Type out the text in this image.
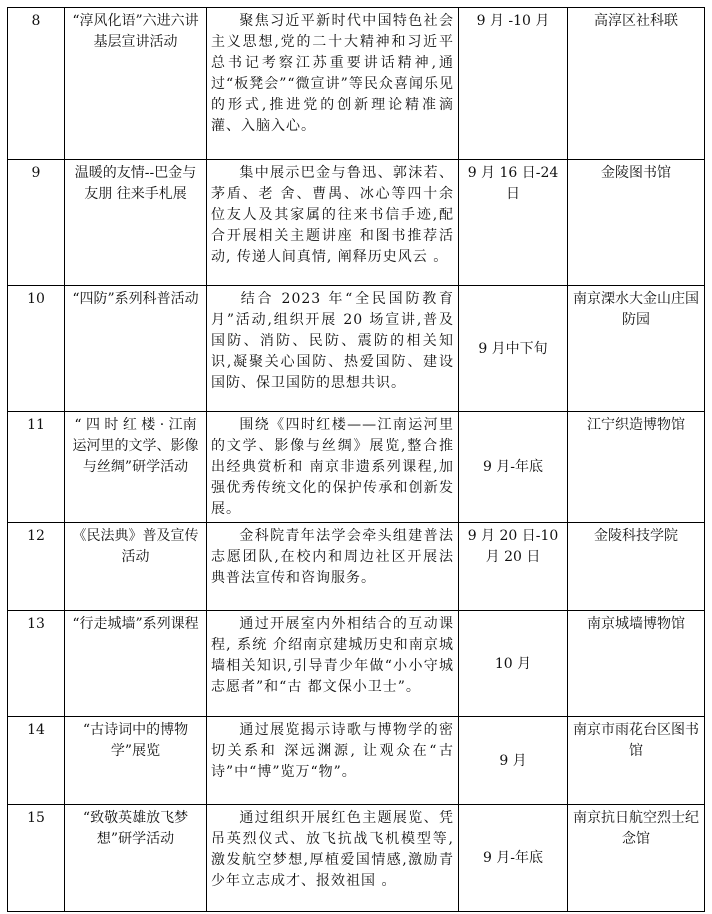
8	“淳风化语”六进六讲基层宣讲活动	聚焦习近平新时代中国特色社会主义思想,党的二十大精神和习近平总书记考察江苏重要讲话精神,通过“板凳会”“微宣讲”等民众喜闻乐见的形式,推进党的创新理论精准滴灌、入脑入心。	9 月 -10 月	高淳区社科联
9	温暖的友情--巴金与友朋 往来手札展	集中展示巴金与鲁迅、郭沫若、茅盾、老 舍、曹禺、冰心等四十余位友人及其家属的往来书信手迹,配合开展相关主题讲座 和图书推荐活动, 传递人间真情, 阐释历史风云 。	9 月 16 日-24 日	金陵图书馆
10	“四防”系列科普活动	结合 2023 年“全民国防教育月”活动,组织开展 20 场宣讲,普及国防、消防、民防、震防的相关知识,凝聚关心国防、热爱国防、建设国防、保卫国防的思想共识。	9 月中下旬	南京溧水大金山庄国防园
11	“ 四 时 红 楼 · 江南运河里的文学、影像与丝绸”研学活动	围绕《四时红楼——江南运河里的文学、影像与丝绸》展览,整合推出经典赏析和 南京非遗系列课程,加强优秀传统文化的保护传承和创新发展。	9 月-年底	江宁织造博物馆
12	《民法典》普及宣传活动	金科院青年法学会牵头组建普法志愿团队,在校内和周边社区开展法典普法宣传和咨询服务。	9 月 20 日-10 月 20 日	金陵科技学院
13	“行走城墙”系列课程	通过开展室内外相结合的互动课程, 系统 介绍南京建城历史和南京城墙相关知识,引导青少年做“小小守城志愿者”和“古 都文保小卫士”。	10 月	南京城墙博物馆
14	“古诗词中的博物学”展览	通过展览揭示诗歌与博物学的密切关系和 深远渊源, 让观众在“古诗”中“博”览万“物”。	9 月	南京市雨花台区图书馆
15	“致敬英雄放飞梦想”研学活动	通过组织开展红色主题展览、凭吊英烈仪式、放飞抗战飞机模型等,激发航空梦想,厚植爱国情感,激励青少年立志成才、报效祖国 。	9 月-年底	南京抗日航空烈士纪念馆
